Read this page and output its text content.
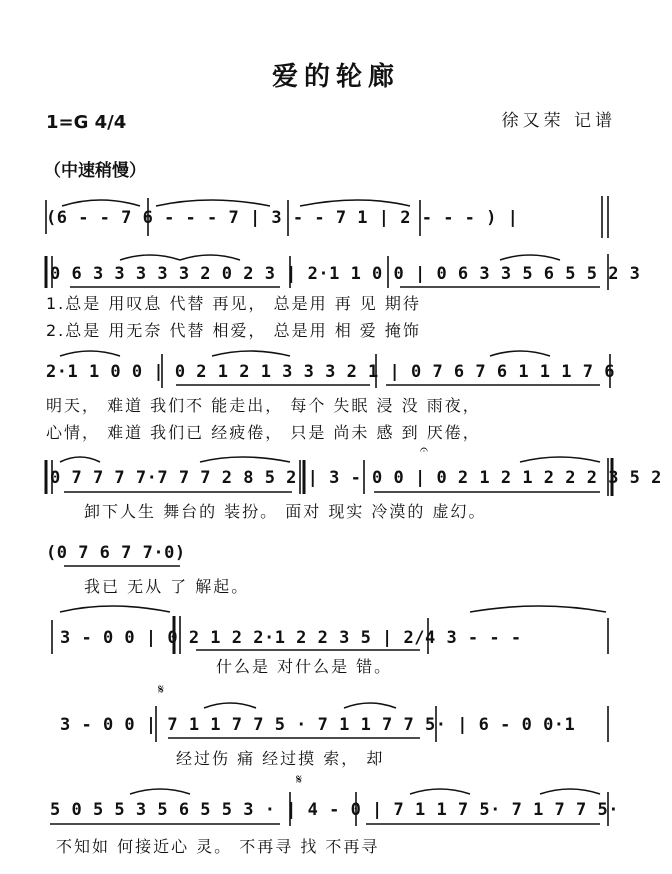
爱的轮廊
1=G 4/4	徐又荣 记谱
（中速稍慢）
(6 - - 7 6 - - - 7 | 3 - - 7 1 | 2 - - - ) |
0 6 3 3 3 3 3 2 0 2 3 | 2·1 1 0 0 | 0 6 3 3 5 6 5 5 2 3
1.总是 用叹息 代替 再见， 总是用 再 见 期待
2.总是 用无奈 代替 相爱， 总是用 相 爱 掩饰
2·1 1 0 0 | 0 2 1 2 1 3 3 3 2 1 | 0 7 6 7 6 1 1 1 7 6
明天， 难道 我们不 能走出， 每个 失眠 浸 没 雨夜，
心情， 难道 我们已 经疲倦， 只是 尚未 感 到 厌倦，
0 7 7 7 7·7 7 7 2 8 5 2 | 3 - 0 0 | 0 2 1 2 1 2 2 2 3 5 2
卸下人生 舞台的 装扮。 面对 现实 冷漠的 虚幻。
(0 7 6 7 7·0)
我已 无从 了 解起。
3 - 0 0 | 0 2 1 2 2·1 2 2 3 5 | 2/4 3 - - -
什么是 对什么是 错。
3 - 0 0 | 7 1 1 7 7 5 · 7 1 1 7 7 5· | 6 - 0 0·1
经过伤 痛 经过摸 索， 却
5 0 5 5 3 5 6 5 5 3 · | 4 - 0 | 7 1 1 7 5· 7 1 7 7 5·
不知如 何接近心 灵。 不再寻 找 不再寻
𝄋
𝄋
𝄐
